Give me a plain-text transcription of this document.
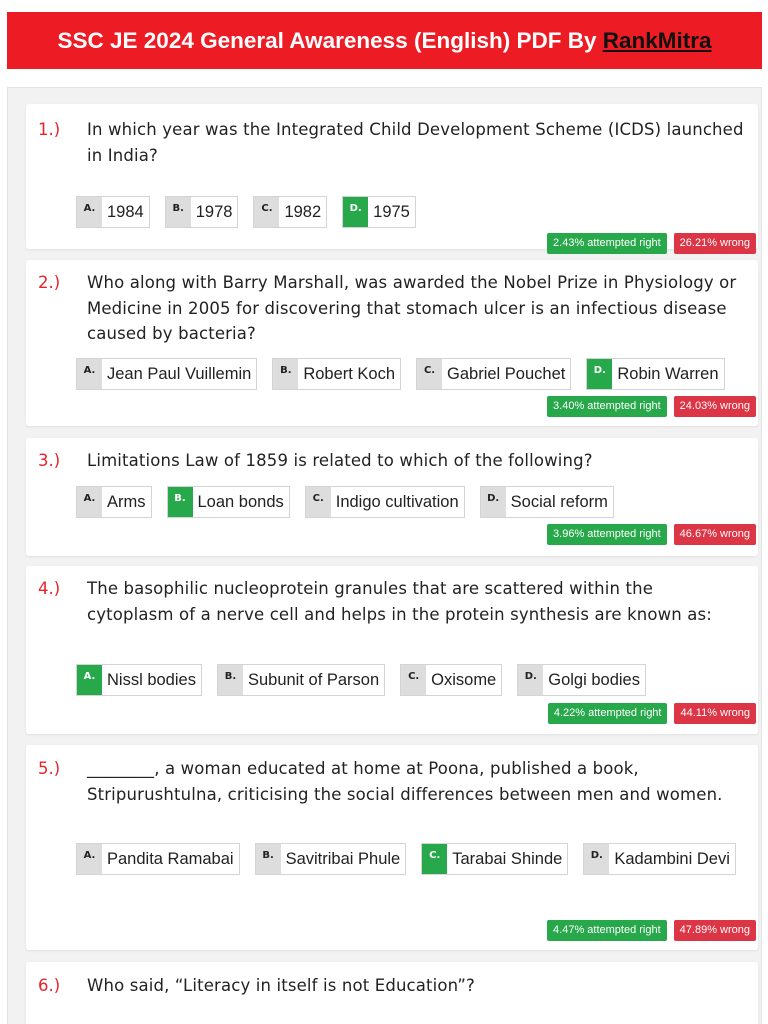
SSC JE 2024 General Awareness (English) PDF By RankMitra
1.) In which year was the Integrated Child Development Scheme (ICDS) launched in India?
A. 1984	B. 1978	C. 1982	D. 1975
2.43% attempted right	26.21% wrong
2.) Who along with Barry Marshall, was awarded the Nobel Prize in Physiology or Medicine in 2005 for discovering that stomach ulcer is an infectious disease caused by bacteria?
A. Jean Paul Vuillemin	B. Robert Koch	C. Gabriel Pouchet	D. Robin Warren
3.40% attempted right	24.03% wrong
3.) Limitations Law of 1859 is related to which of the following?
A. Arms	B. Loan bonds	C. Indigo cultivation	D. Social reform
3.96% attempted right	46.67% wrong
4.) The basophilic nucleoprotein granules that are scattered within the cytoplasm of a nerve cell and helps in the protein synthesis are known as:
A. Nissl bodies	B. Subunit of Parson	C. Oxisome	D. Golgi bodies
4.22% attempted right	44.11% wrong
5.) ________, a woman educated at home at Poona, published a book, Stripurushtulna, criticising the social differences between men and women.
A. Pandita Ramabai	B. Savitribai Phule	C. Tarabai Shinde	D. Kadambini Devi
4.47% attempted right	47.89% wrong
6.) Who said, “Literacy in itself is not Education”?
